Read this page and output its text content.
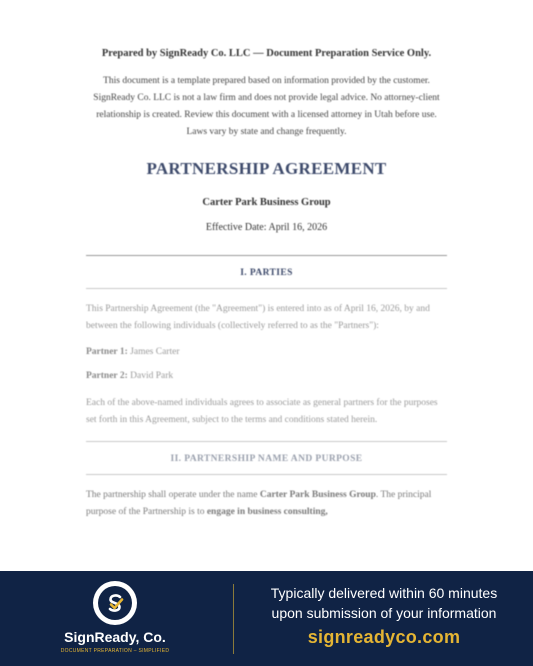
Prepared by SignReady Co. LLC — Document Preparation Service Only.

This document is a template prepared based on information provided by the customer. SignReady Co. LLC is not a law firm and does not provide legal advice. No attorney-client relationship is created. Review this document with a licensed attorney in Utah before use. Laws vary by state and change frequently.

PARTNERSHIP AGREEMENT
Carter Park Business Group
Effective Date: April 16, 2026
I. PARTIES

This Partnership Agreement (the "Agreement") is entered into as of April 16, 2026, by and between the following individuals (collectively referred to as the "Partners"):

Partner 1: James Carter
Partner 2: David Park

Each of the above-named individuals agrees to associate as general partners for the purposes set forth in this Agreement, subject to the terms and conditions stated herein.

II. PARTNERSHIP NAME AND PURPOSE

The partnership shall operate under the name Carter Park Business Group. The principal purpose of the Partnership is to engage in business consulting,

SignReady, Co.
DOCUMENT PREPARATION – SIMPLIFIED
Typically delivered within 60 minutes
upon submission of your information
signreadyco.com
